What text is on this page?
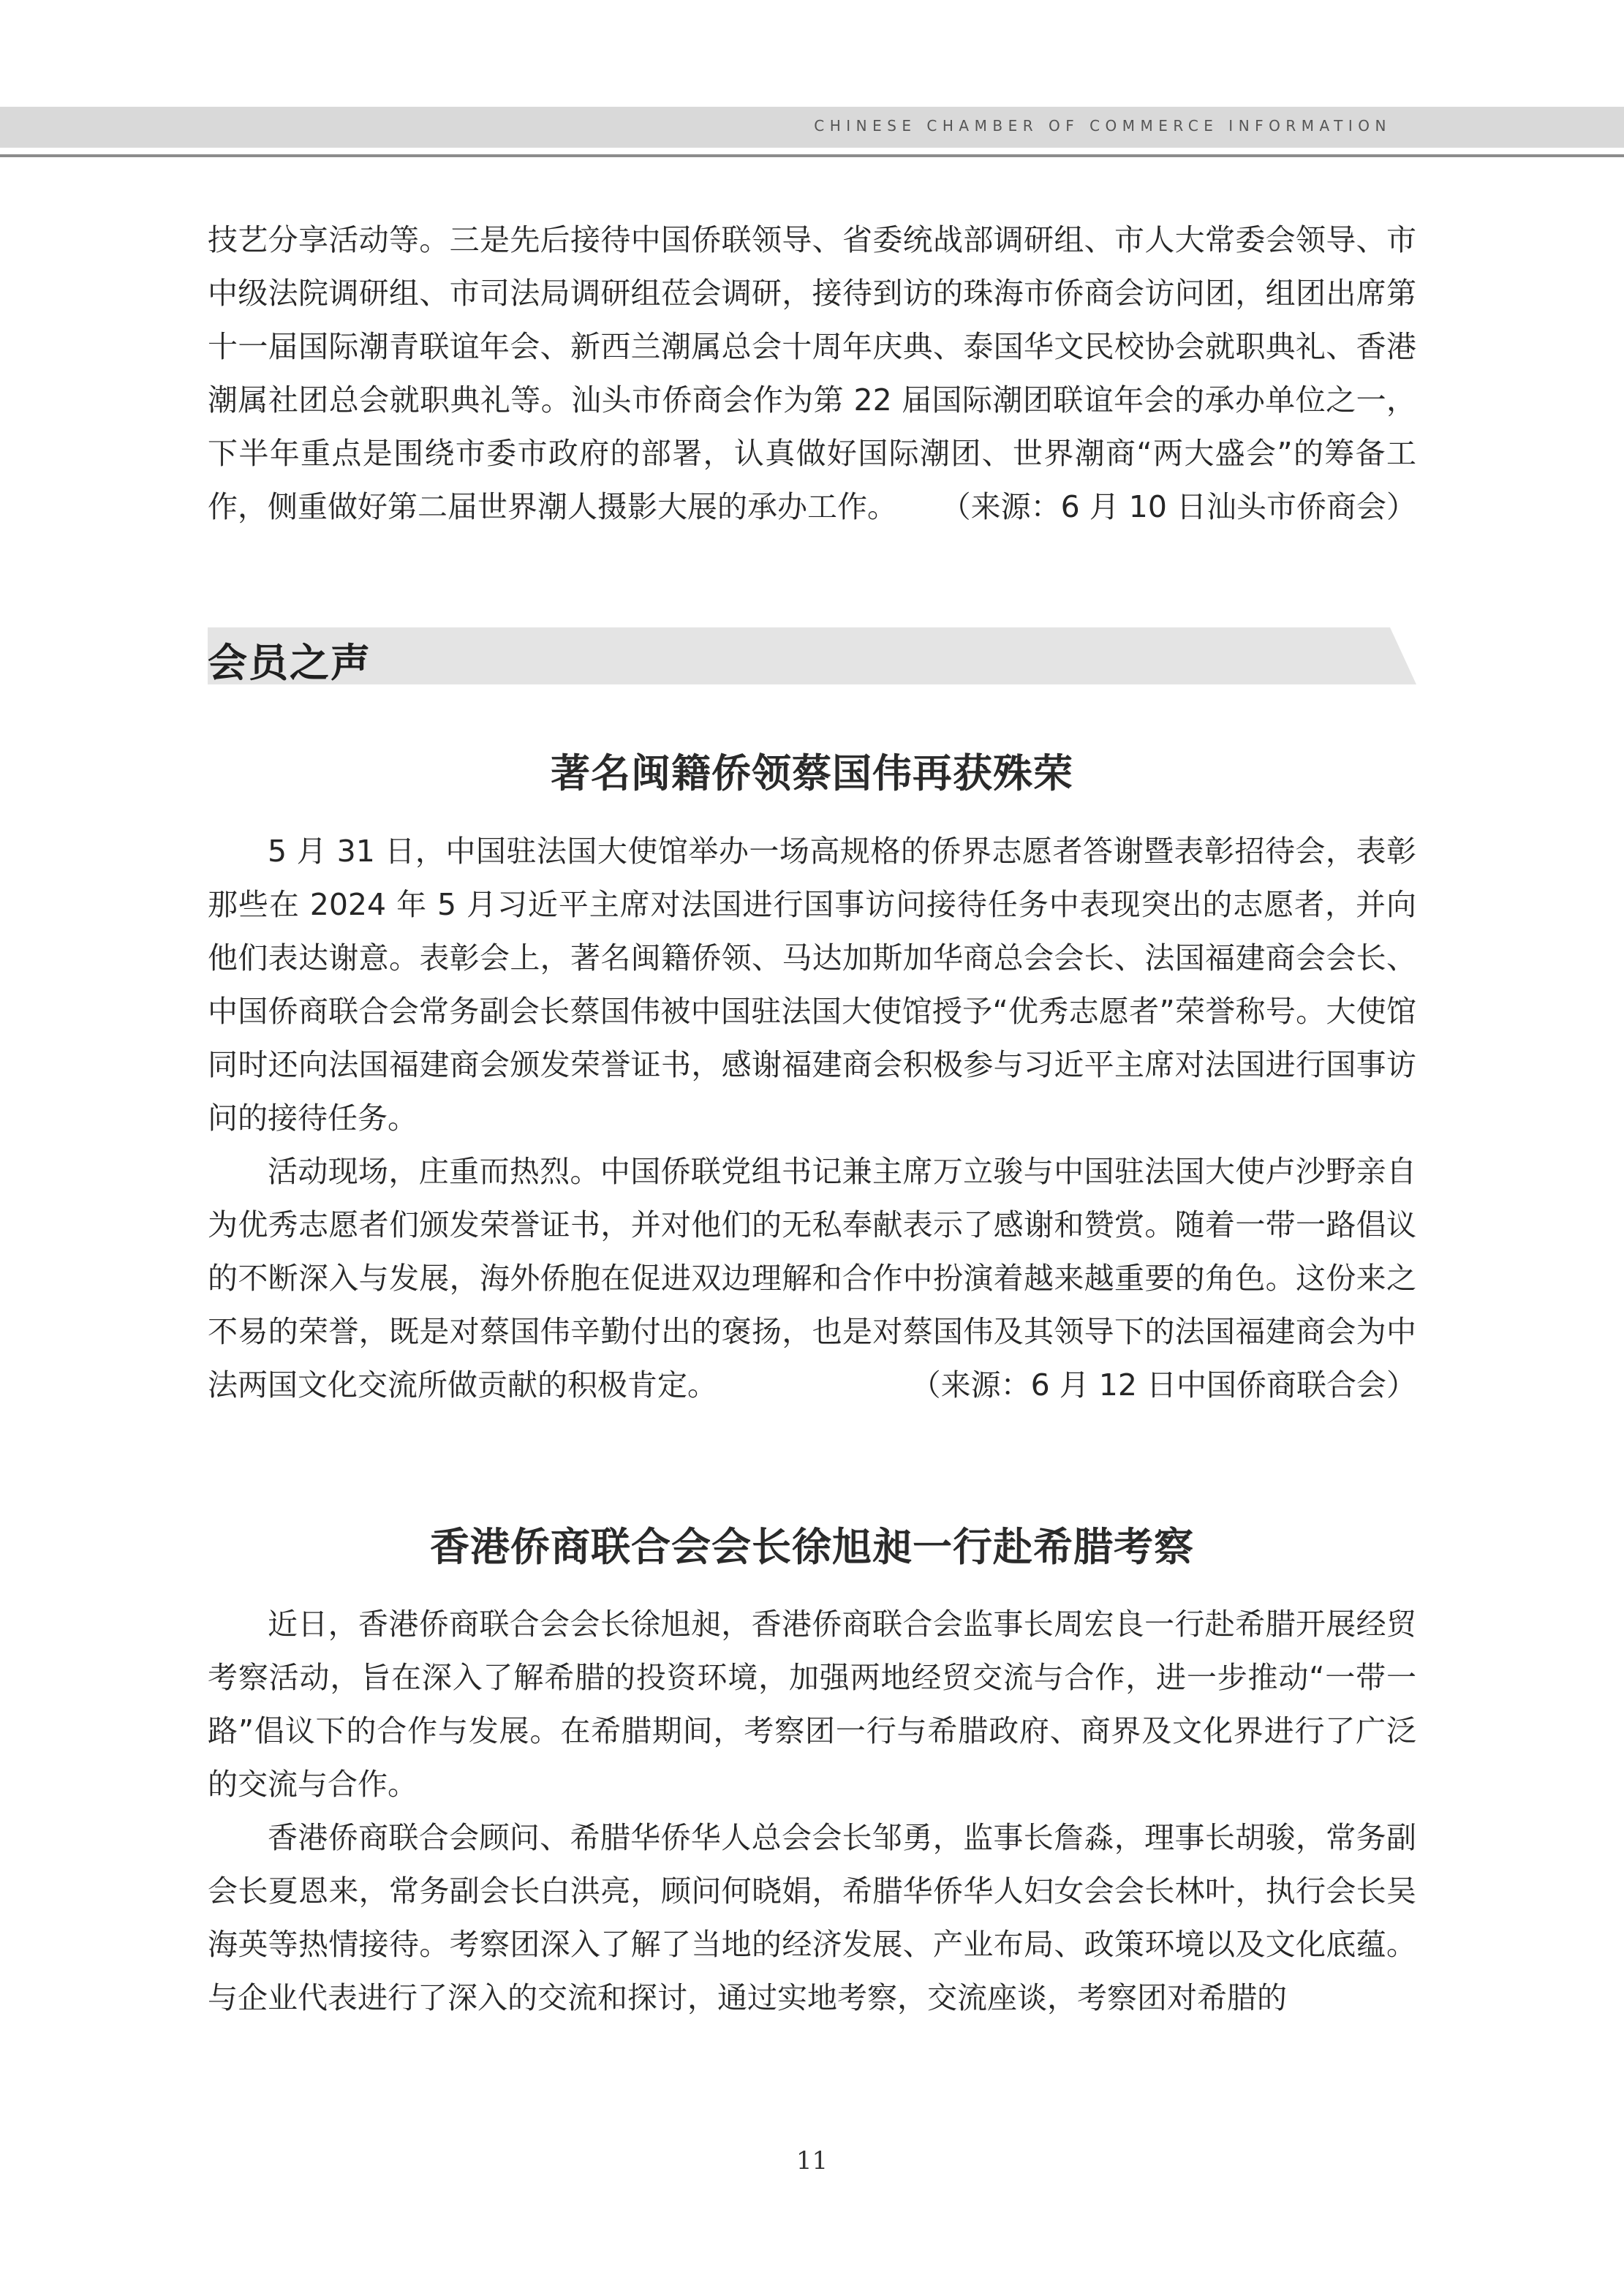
CHINESE CHAMBER OF COMMERCE INFORMATION

技艺分享活动等。三是先后接待中国侨联领导、省委统战部调研组、市人大常委会领导、市中级法院调研组、市司法局调研组莅会调研，接待到访的珠海市侨商会访问团，组团出席第十一届国际潮青联谊年会、新西兰潮属总会十周年庆典、泰国华文民校协会就职典礼、香港潮属社团总会就职典礼等。汕头市侨商会作为第 22 届国际潮团联谊年会的承办单位之一，下半年重点是围绕市委市政府的部署，认真做好国际潮团、世界潮商“两大盛会”的筹备工作，侧重做好第二届世界潮人摄影大展的承办工作。 （来源：6 月 10 日汕头市侨商会）

会员之声
著名闽籍侨领蔡国伟再获殊荣

5 月 31 日，中国驻法国大使馆举办一场高规格的侨界志愿者答谢暨表彰招待会，表彰那些在 2024 年 5 月习近平主席对法国进行国事访问接待任务中表现突出的志愿者，并向他们表达谢意。表彰会上，著名闽籍侨领、马达加斯加华商总会会长、法国福建商会会长、中国侨商联合会常务副会长蔡国伟被中国驻法国大使馆授予“优秀志愿者”荣誉称号。大使馆同时还向法国福建商会颁发荣誉证书，感谢福建商会积极参与习近平主席对法国进行国事访问的接待任务。

活动现场，庄重而热烈。中国侨联党组书记兼主席万立骏与中国驻法国大使卢沙野亲自为优秀志愿者们颁发荣誉证书，并对他们的无私奉献表示了感谢和赞赏。随着一带一路倡议的不断深入与发展，海外侨胞在促进双边理解和合作中扮演着越来越重要的角色。这份来之不易的荣誉，既是对蔡国伟辛勤付出的褒扬，也是对蔡国伟及其领导下的法国福建商会为中法两国文化交流所做贡献的积极肯定。	（来源：6 月 12 日中国侨商联合会）

香港侨商联合会会长徐旭昶一行赴希腊考察

近日，香港侨商联合会会长徐旭昶，香港侨商联合会监事长周宏良一行赴希腊开展经贸考察活动，旨在深入了解希腊的投资环境，加强两地经贸交流与合作，进一步推动“一带一路”倡议下的合作与发展。在希腊期间，考察团一行与希腊政府、商界及文化界进行了广泛的交流与合作。

香港侨商联合会顾问、希腊华侨华人总会会长邹勇，监事长詹淼，理事长胡骏，常务副会长夏恩来，常务副会长白洪亮，顾问何晓娟，希腊华侨华人妇女会会长林叶，执行会长吴海英等热情接待。考察团深入了解了当地的经济发展、产业布局、政策环境以及文化底蕴。与企业代表进行了深入的交流和探讨，通过实地考察，交流座谈，考察团对希腊的

11
